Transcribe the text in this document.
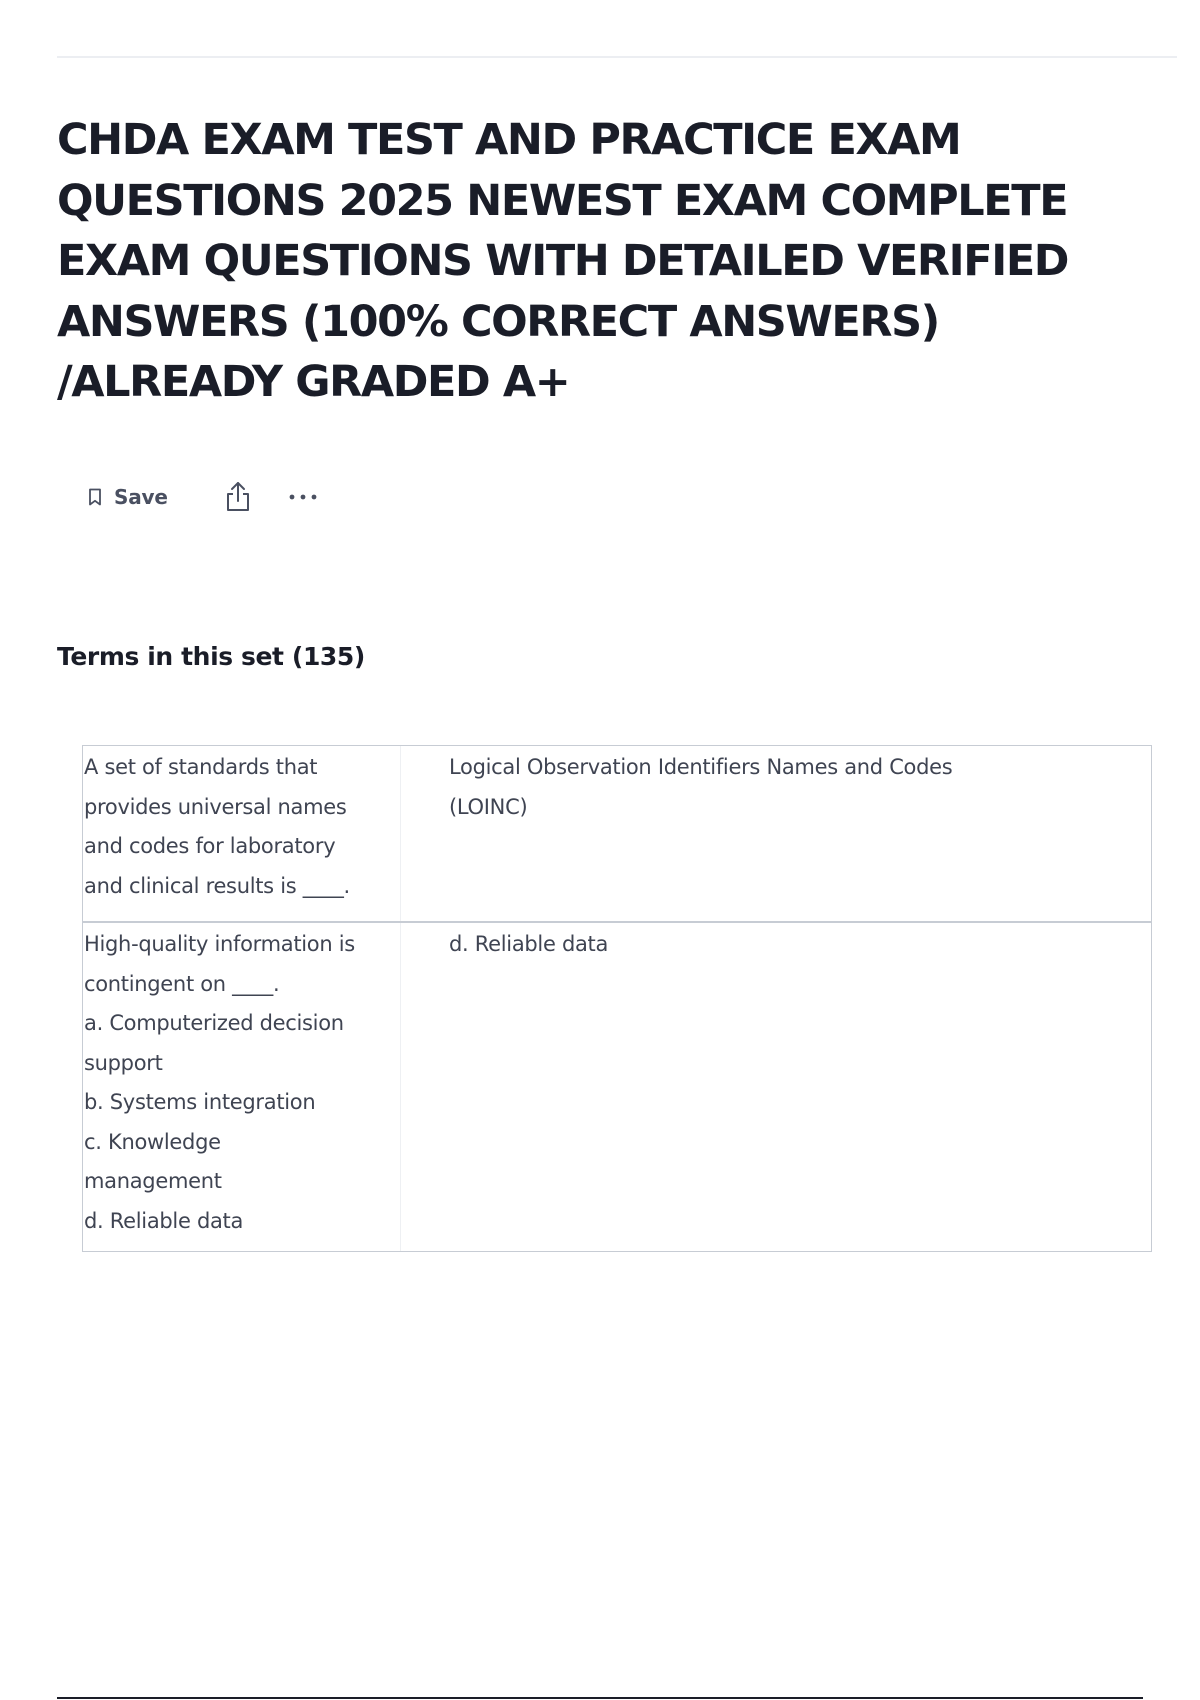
CHDA EXAM TEST AND PRACTICE EXAM QUESTIONS 2025 NEWEST EXAM COMPLETE EXAM QUESTIONS WITH DETAILED VERIFIED ANSWERS (100% CORRECT ANSWERS) /ALREADY GRADED A+
Save
Terms in this set (135)
A set of standards that
provides universal names
and codes for laboratory
and clinical results is ____.
Logical Observation Identifiers Names and Codes
(LOINC)
High-quality information is
contingent on ____.
a. Computerized decision
support
b. Systems integration
c. Knowledge
management
d. Reliable data
d. Reliable data
